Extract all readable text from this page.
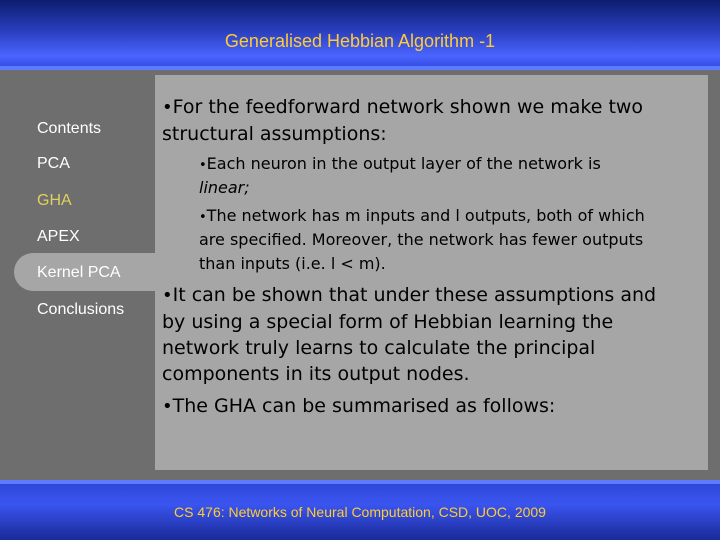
Generalised Hebbian Algorithm -1
Contents
PCA
GHA
APEX
Kernel PCA
Conclusions
•For the feedforward network shown we make two
structural assumptions:
•Each neuron in the output layer of the network is
linear;
•The network has m inputs and l outputs, both of which
are specified. Moreover, the network has fewer outputs
than inputs (i.e. l < m).
•It can be shown that under these assumptions and
by using a special form of Hebbian learning the
network truly learns to calculate the principal
components in its output nodes.
•The GHA can be summarised as follows:
CS 476: Networks of Neural Computation, CSD, UOC, 2009
